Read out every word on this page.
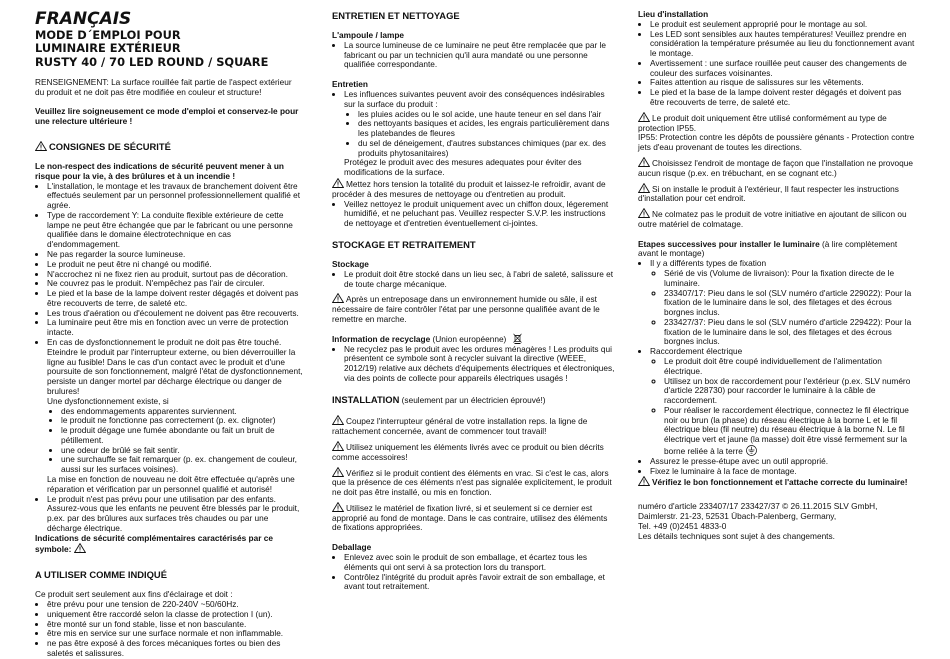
FRANÇAIS

MODE D´EMPLOI POUR

LUMINAIRE EXTÉRIEUR

RUSTY 40 / 70 LED ROUND / SQUARE

RENSEIGNEMENT: La surface rouillée fait partie de l'aspect extérieur du produit et ne doit pas être modifiée en couleur et structure!

Veuillez lire soigneusement ce mode d'emploi et conservez-le pour une relecture ultérieure !

CONSIGNES DE SÉCURITÉ

Le non-respect des indications de sécurité peuvent mener à un risque pour la vie, à des brûlures et à un incendie !

• L'installation, le montage et les travaux de branchement doivent être effectués seulement par un personnel professionnellement qualifié et agrée.
• Type de raccordement Y: La conduite flexible extérieure de cette lampe ne peut être échangée que par le fabricant ou une personne qualifiée dans le domaine électrotechnique en cas d'endommagement.
• Ne pas regarder la source lumineuse.
• Le produit ne peut être ni changé ou modifié.
• N'accrochez ni ne fixez rien au produit, surtout pas de décoration.
• Ne couvrez pas le produit. N'empêchez pas l'air de circuler.
• Le pied et la base de la lampe doivent rester dégagés et doivent pas être recouverts de terre, de saleté etc.
• Les trous d'aération ou d'écoulement ne doivent pas être recouverts.
• La luminaire peut être mis en fonction avec un verre de protection intacte.
• En cas de dysfonctionnement le produit ne doit pas être touché. Eteindre le produit par l'interrupteur externe, ou bien déverrouiller la ligne au fusible! Dans le cas d'un contact avec le produit et d'une poursuite de son fonctionnement, malgré l'état de dysfonctionnement, persiste un danger mortel par décharge électrique ou danger de brulures!
Une dysfonctionnement existe, si
• des endommagements apparentes surviennent.
• le produit ne fonctionne pas correctement (p. ex. clignoter)
• le produit dégage une fumée abondante ou fait un bruit de pétillement.
• une odeur de brûlé se fait sentir.
• une surchauffe se fait remarquer (p. ex. changement de couleur, aussi sur les surfaces voisines).
La mise en fonction de nouveau ne doit être effectuée qu'après une réparation et vérification par un personnel qualifié et autorisé!
• Le produit n'est pas prévu pour une utilisation par des enfants. Assurez-vous que les enfants ne peuvent être blessés par le produit, p.ex. par des brûlures aux surfaces très chaudes ou par une décharge électrique.

Indications de sécurité complémentaires caractérisés par ce symbole:

A UTILISER COMME INDIQUÉ

Ce produit sert seulement aux fins d'éclairage et doit :

• être prévu pour une tension de 220-240V ~50/60Hz.
• uniquement être raccordé selon la classe de protection I (un).
• être monté sur un fond stable, lisse et non basculante.
• être mis en service sur une surface normale et non inflammable.
• ne pas être exposé à des forces mécaniques fortes ou bien des saletés et salissures.

ENTRETIEN ET NETTOYAGE

L'ampoule / lampe

• La source lumineuse de ce luminaire ne peut être remplacée que par le fabricant ou par un technicien qu'il aura mandaté ou une personne qualifiée correspondante.

Entretien

• Les influences suivantes peuvent avoir des conséquences indésirables sur la surface du produit :
• les pluies acides ou le sol acide, une haute teneur en sel dans l'air
• des nettoyants basiques et acides, les engrais particulièrement dans les platebandes de fleures
• du sel de déneigement, d'autres substances chimiques (par ex. des produits phytosanitaires)
Protégez le produit avec des mesures adequates pour éviter des modifications de la surface.

Mettez hors tension la totalité du produit et laissez-le refroidir, avant de procéder à des mesures de nettoyage ou d'entretien au produit.

• Veillez nettoyez le produit uniquement avec un chiffon doux, légerement humidifié, et ne peluchant pas. Veuillez respecter S.V.P. les instructions de nettoyage et d'entretien éventuellement ci-jointes.

STOCKAGE ET RETRAITEMENT

Stockage

• Le produit doit être stocké dans un lieu sec, à l'abri de saleté, salissure et de toute charge mécanique.

Après un entreposage dans un environnement humide ou sâle, il est nécessaire de faire contrôler l'état par une personne qualifiée avant de le remettre en marche.

Information de recyclage (Union européenne)

• Ne recyclez pas le produit avec les ordures ménagères ! Les produits qui présentent ce symbole sont à recycler suivant la directive (WEEE, 2012/19) relative aux déchets d'équipements électriques et électroniques, via des points de collecte pour appareils électriques usagés !

INSTALLATION (seulement par un électricien éprouvé!)

Coupez l'interrupteur général de votre installation reps. la ligne de rattachement concernée, avant de commencer tout travail!

Utilisez uniquement les éléments livrés avec ce produit ou bien décrits comme accessoires!

Vérifiez si le produit contient des éléments en vrac. Si c'est le cas, alors que la présence de ces éléments n'est pas signalée explicitement, le produit ne doit pas être installé, ou mis en fonction.

Utilisez le matériel de fixation livré, si et seulement si ce dernier est approprié au fond de montage. Dans le cas contraire, utilisez des éléments de fixations appropriées.

Deballage

• Enlevez avec soin le produit de son emballage, et écartez tous les éléments qui ont servi à sa protection lors du transport.
• Contrôlez l'intégrité du produit après l'avoir extrait de son emballage, et avant tout retraitement.

Lieu d'installation

• Le produit est seulement approprié pour le montage au sol.
• Les LED sont sensibles aux hautes températures! Veuillez prendre en considération la température présumée au lieu du fonctionnement avant le montage.
• Avertissement : une surface rouillée peut causer des changements de couleur des surfaces voisinantes.
• Faites attention au risque de salissures sur les vêtements.
• Le pied et la base de la lampe doivent rester dégagés et doivent pas être recouverts de terre, de saleté etc.

Le produit doit uniquement être utilisé conformément au type de protection IP55.

IP55: Protection contre les dépôts de poussière génants - Protection contre jets d'eau provenant de toutes les directions.

Choisissez l'endroit de montage de façon que l'installation ne provoque aucun risque (p.ex. en trébuchant, en se cognant etc.)

Si on installe le produit à l'extérieur, Il faut respecter les instructions d'installation pour cet endroit.

Ne colmatez pas le produit de votre initiative en ajoutant de silicon ou outre matériel de colmatage.

Etapes successives pour installer le luminaire (à lire complètement avant le montage)

• Il y a différents types de fixation
◦ Sérié de vis (Volume de livraison): Pour la fixation directe de le luminaire.
◦ 233407/17: Pieu dans le sol (SLV numéro d'article 229022): Pour la fixation de le luminaire dans le sol, des filetages et des écrous borgnes inclus.
◦ 233427/37: Pieu dans le sol (SLV numéro d'article 229422): Pour la fixation de le luminaire dans le sol, des filetages et des écrous borgnes inclus.
• Raccordement électrique
◦ Le produit doit être coupé individuellement de l'alimentation électrique.
◦ Utilisez un box de raccordement pour l'extérieur (p.ex. SLV numéro d'article 228730) pour raccorder le luminaire à la câble de raccordement.
◦ Pour réaliser le raccordement électrique, connectez le fil électrique noir ou brun (la phase) du réseau électrique à la borne L et le fil électrique bleu (fil neutre) du réseau électrique à la borne N. Le fil électrique vert et jaune (la masse) doit être vissé fermement sur la borne reliée à la terre
• Assurez le presse-étupe avec un outil approprié.
• Fixez le luminaire à la face de montage.

Vérifiez le bon fonctionnement et l'attache correcte du luminaire!

numéro d'article 233407/17 233427/37 © 26.11.2015 SLV GmbH,

Daimlerstr. 21-23, 52531 Übach-Palenberg, Germany,

Tel. +49 (0)2451 4833-0

Les détails techniques sont sujet à des changements.
